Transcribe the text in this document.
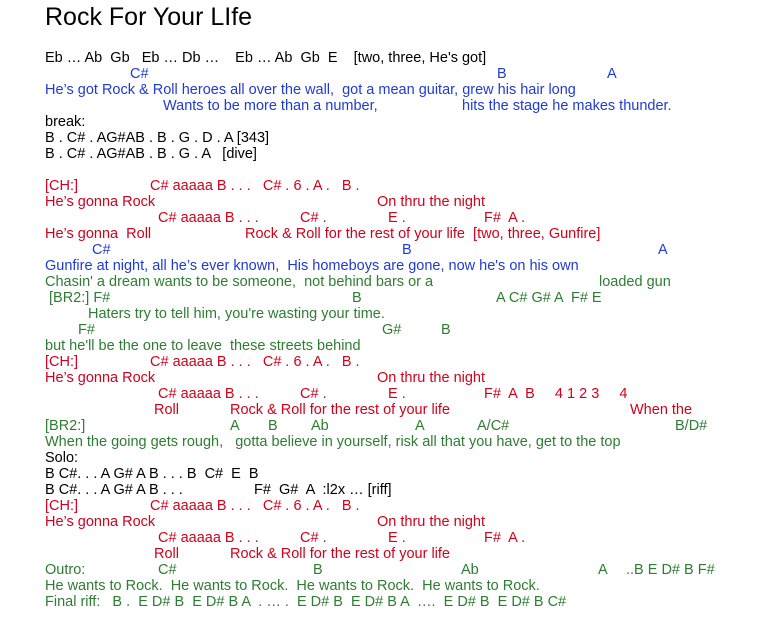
Rock For Your LIfe
Eb … Ab  Gb   Eb … Db …    Eb … Ab  Gb  E    [two, three, He's got]
C#	B	A
He’s got Rock & Roll heroes all over the wall,  got a mean guitar, grew his hair long
Wants to be more than a number,	hits the stage he makes thunder.
break:
B . C# . AG#AB . B . G . D . A [343]
B . C# . AG#AB . B . G . A   [dive]
[CH:]	C# aaaaa B . . .   C# . 6 . A .   B .
He’s gonna Rock	On thru the night
C# aaaaa B . . .	C# .	E .	F#  A .
He’s gonna  Roll	Rock & Roll for the rest of your life  [two, three, Gunfire]
C#	B	A
Gunfire at night, all he’s ever known,  His homeboys are gone, now he's on his own
Chasin' a dream wants to be someone,  not behind bars or a	loaded gun
[BR2:] F#	B	A C# G# A  F# E
Haters try to tell him, you're wasting your time.
F#	G#	B
but he'll be the one to leave  these streets behind
[CH:]	C# aaaaa B . . .   C# . 6 . A .   B .
He’s gonna Rock	On thru the night
C# aaaaa B . . .	C# .	E .	F#  A  B     4 1 2 3     4
Roll	Rock & Roll for the rest of your life	When the
[BR2:]	A B Ab	A	A/C#	B/D#
When the going gets rough,   gotta believe in yourself, risk all that you have, get to the top
Solo:
B C#. . . A G# A B . . . B  C#  E  B
B C#. . . A G# A B . . .	F#  G#  A  :l2x … [riff]
[CH:]	C# aaaaa B . . .   C# . 6 . A .   B .
He’s gonna Rock	On thru the night
C# aaaaa B . . .	C# .	E .	F#  A .
Roll	Rock & Roll for the rest of your life
Outro:	C#	B	Ab	A ..B E D# B F#
He wants to Rock.  He wants to Rock.  He wants to Rock.  He wants to Rock.
Final riff:   B .  E D# B  E D# B A  . … .  E D# B  E D# B A  ….  E D# B  E D# B C#
